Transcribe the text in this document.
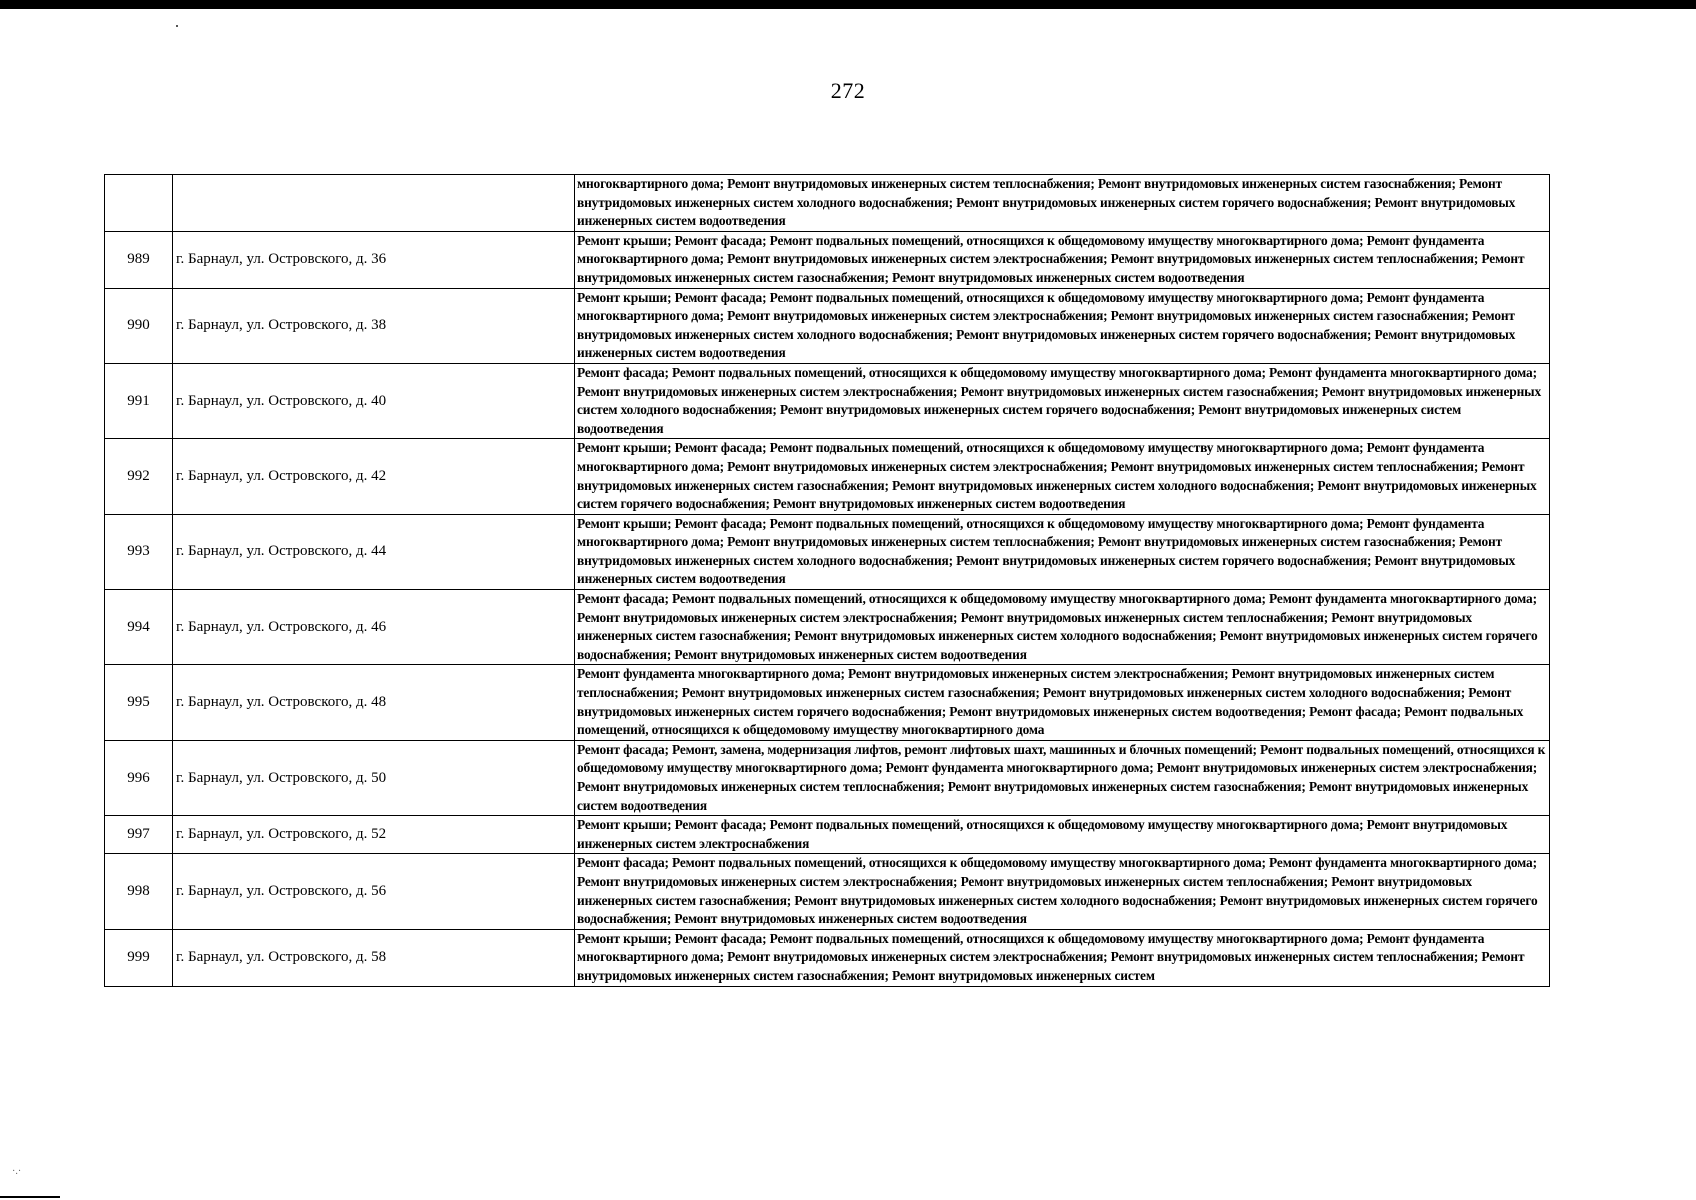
272
		многоквартирного дома; Ремонт внутридомовых инженерных систем теплоснабжения; Ремонт внутридомовых инженерных систем газоснабжения; Ремонт внутридомовых инженерных систем холодного водоснабжения; Ремонт внутридомовых инженерных систем горячего водоснабжения; Ремонт внутридомовых инженерных систем водоотведения
989	г. Барнаул, ул. Островского, д. 36	Ремонт крыши; Ремонт фасада; Ремонт подвальных помещений, относящихся к общедомовому имуществу многоквартирного дома; Ремонт фундамента многоквартирного дома; Ремонт внутридомовых инженерных систем электроснабжения; Ремонт внутридомовых инженерных систем теплоснабжения; Ремонт внутридомовых инженерных систем газоснабжения; Ремонт внутридомовых инженерных систем водоотведения
990	г. Барнаул, ул. Островского, д. 38	Ремонт крыши; Ремонт фасада; Ремонт подвальных помещений, относящихся к общедомовому имуществу многоквартирного дома; Ремонт фундамента многоквартирного дома; Ремонт внутридомовых инженерных систем электроснабжения; Ремонт внутридомовых инженерных систем газоснабжения; Ремонт внутридомовых инженерных систем холодного водоснабжения; Ремонт внутридомовых инженерных систем горячего водоснабжения; Ремонт внутридомовых инженерных систем водоотведения
991	г. Барнаул, ул. Островского, д. 40	Ремонт фасада; Ремонт подвальных помещений, относящихся к общедомовому имуществу многоквартирного дома; Ремонт фундамента многоквартирного дома; Ремонт внутридомовых инженерных систем электроснабжения; Ремонт внутридомовых инженерных систем газоснабжения; Ремонт внутридомовых инженерных систем холодного водоснабжения; Ремонт внутридомовых инженерных систем горячего водоснабжения; Ремонт внутридомовых инженерных систем водоотведения
992	г. Барнаул, ул. Островского, д. 42	Ремонт крыши; Ремонт фасада; Ремонт подвальных помещений, относящихся к общедомовому имуществу многоквартирного дома; Ремонт фундамента многоквартирного дома; Ремонт внутридомовых инженерных систем электроснабжения; Ремонт внутридомовых инженерных систем теплоснабжения; Ремонт внутридомовых инженерных систем газоснабжения; Ремонт внутридомовых инженерных систем холодного водоснабжения; Ремонт внутридомовых инженерных систем горячего водоснабжения; Ремонт внутридомовых инженерных систем водоотведения
993	г. Барнаул, ул. Островского, д. 44	Ремонт крыши; Ремонт фасада; Ремонт подвальных помещений, относящихся к общедомовому имуществу многоквартирного дома; Ремонт фундамента многоквартирного дома; Ремонт внутридомовых инженерных систем теплоснабжения; Ремонт внутридомовых инженерных систем газоснабжения; Ремонт внутридомовых инженерных систем холодного водоснабжения; Ремонт внутридомовых инженерных систем горячего водоснабжения; Ремонт внутридомовых инженерных систем водоотведения
994	г. Барнаул, ул. Островского, д. 46	Ремонт фасада; Ремонт подвальных помещений, относящихся к общедомовому имуществу многоквартирного дома; Ремонт фундамента многоквартирного дома; Ремонт внутридомовых инженерных систем электроснабжения; Ремонт внутридомовых инженерных систем теплоснабжения; Ремонт внутридомовых инженерных систем газоснабжения; Ремонт внутридомовых инженерных систем холодного водоснабжения; Ремонт внутридомовых инженерных систем горячего водоснабжения; Ремонт внутридомовых инженерных систем водоотведения
995	г. Барнаул, ул. Островского, д. 48	Ремонт фундамента многоквартирного дома; Ремонт внутридомовых инженерных систем электроснабжения; Ремонт внутридомовых инженерных систем теплоснабжения; Ремонт внутридомовых инженерных систем газоснабжения; Ремонт внутридомовых инженерных систем холодного водоснабжения; Ремонт внутридомовых инженерных систем горячего водоснабжения; Ремонт внутридомовых инженерных систем водоотведения; Ремонт фасада; Ремонт подвальных помещений, относящихся к общедомовому имуществу многоквартирного дома
996	г. Барнаул, ул. Островского, д. 50	Ремонт фасада; Ремонт, замена, модернизация лифтов, ремонт лифтовых шахт, машинных и блочных помещений; Ремонт подвальных помещений, относящихся к общедомовому имуществу многоквартирного дома; Ремонт фундамента многоквартирного дома; Ремонт внутридомовых инженерных систем электроснабжения; Ремонт внутридомовых инженерных систем теплоснабжения; Ремонт внутридомовых инженерных систем газоснабжения; Ремонт внутридомовых инженерных систем водоотведения
997	г. Барнаул, ул. Островского, д. 52	Ремонт крыши; Ремонт фасада; Ремонт подвальных помещений, относящихся к общедомовому имуществу многоквартирного дома; Ремонт внутридомовых инженерных систем электроснабжения
998	г. Барнаул, ул. Островского, д. 56	Ремонт фасада; Ремонт подвальных помещений, относящихся к общедомовому имуществу многоквартирного дома; Ремонт фундамента многоквартирного дома; Ремонт внутридомовых инженерных систем электроснабжения; Ремонт внутридомовых инженерных систем теплоснабжения; Ремонт внутридомовых инженерных систем газоснабжения; Ремонт внутридомовых инженерных систем холодного водоснабжения; Ремонт внутридомовых инженерных систем горячего водоснабжения; Ремонт внутридомовых инженерных систем водоотведения
999	г. Барнаул, ул. Островского, д. 58	Ремонт крыши; Ремонт фасада; Ремонт подвальных помещений, относящихся к общедомовому имуществу многоквартирного дома; Ремонт фундамента многоквартирного дома; Ремонт внутридомовых инженерных систем электроснабжения; Ремонт внутридомовых инженерных систем теплоснабжения; Ремонт внутридомовых инженерных систем газоснабжения; Ремонт внутридомовых инженерных систем
·.·
